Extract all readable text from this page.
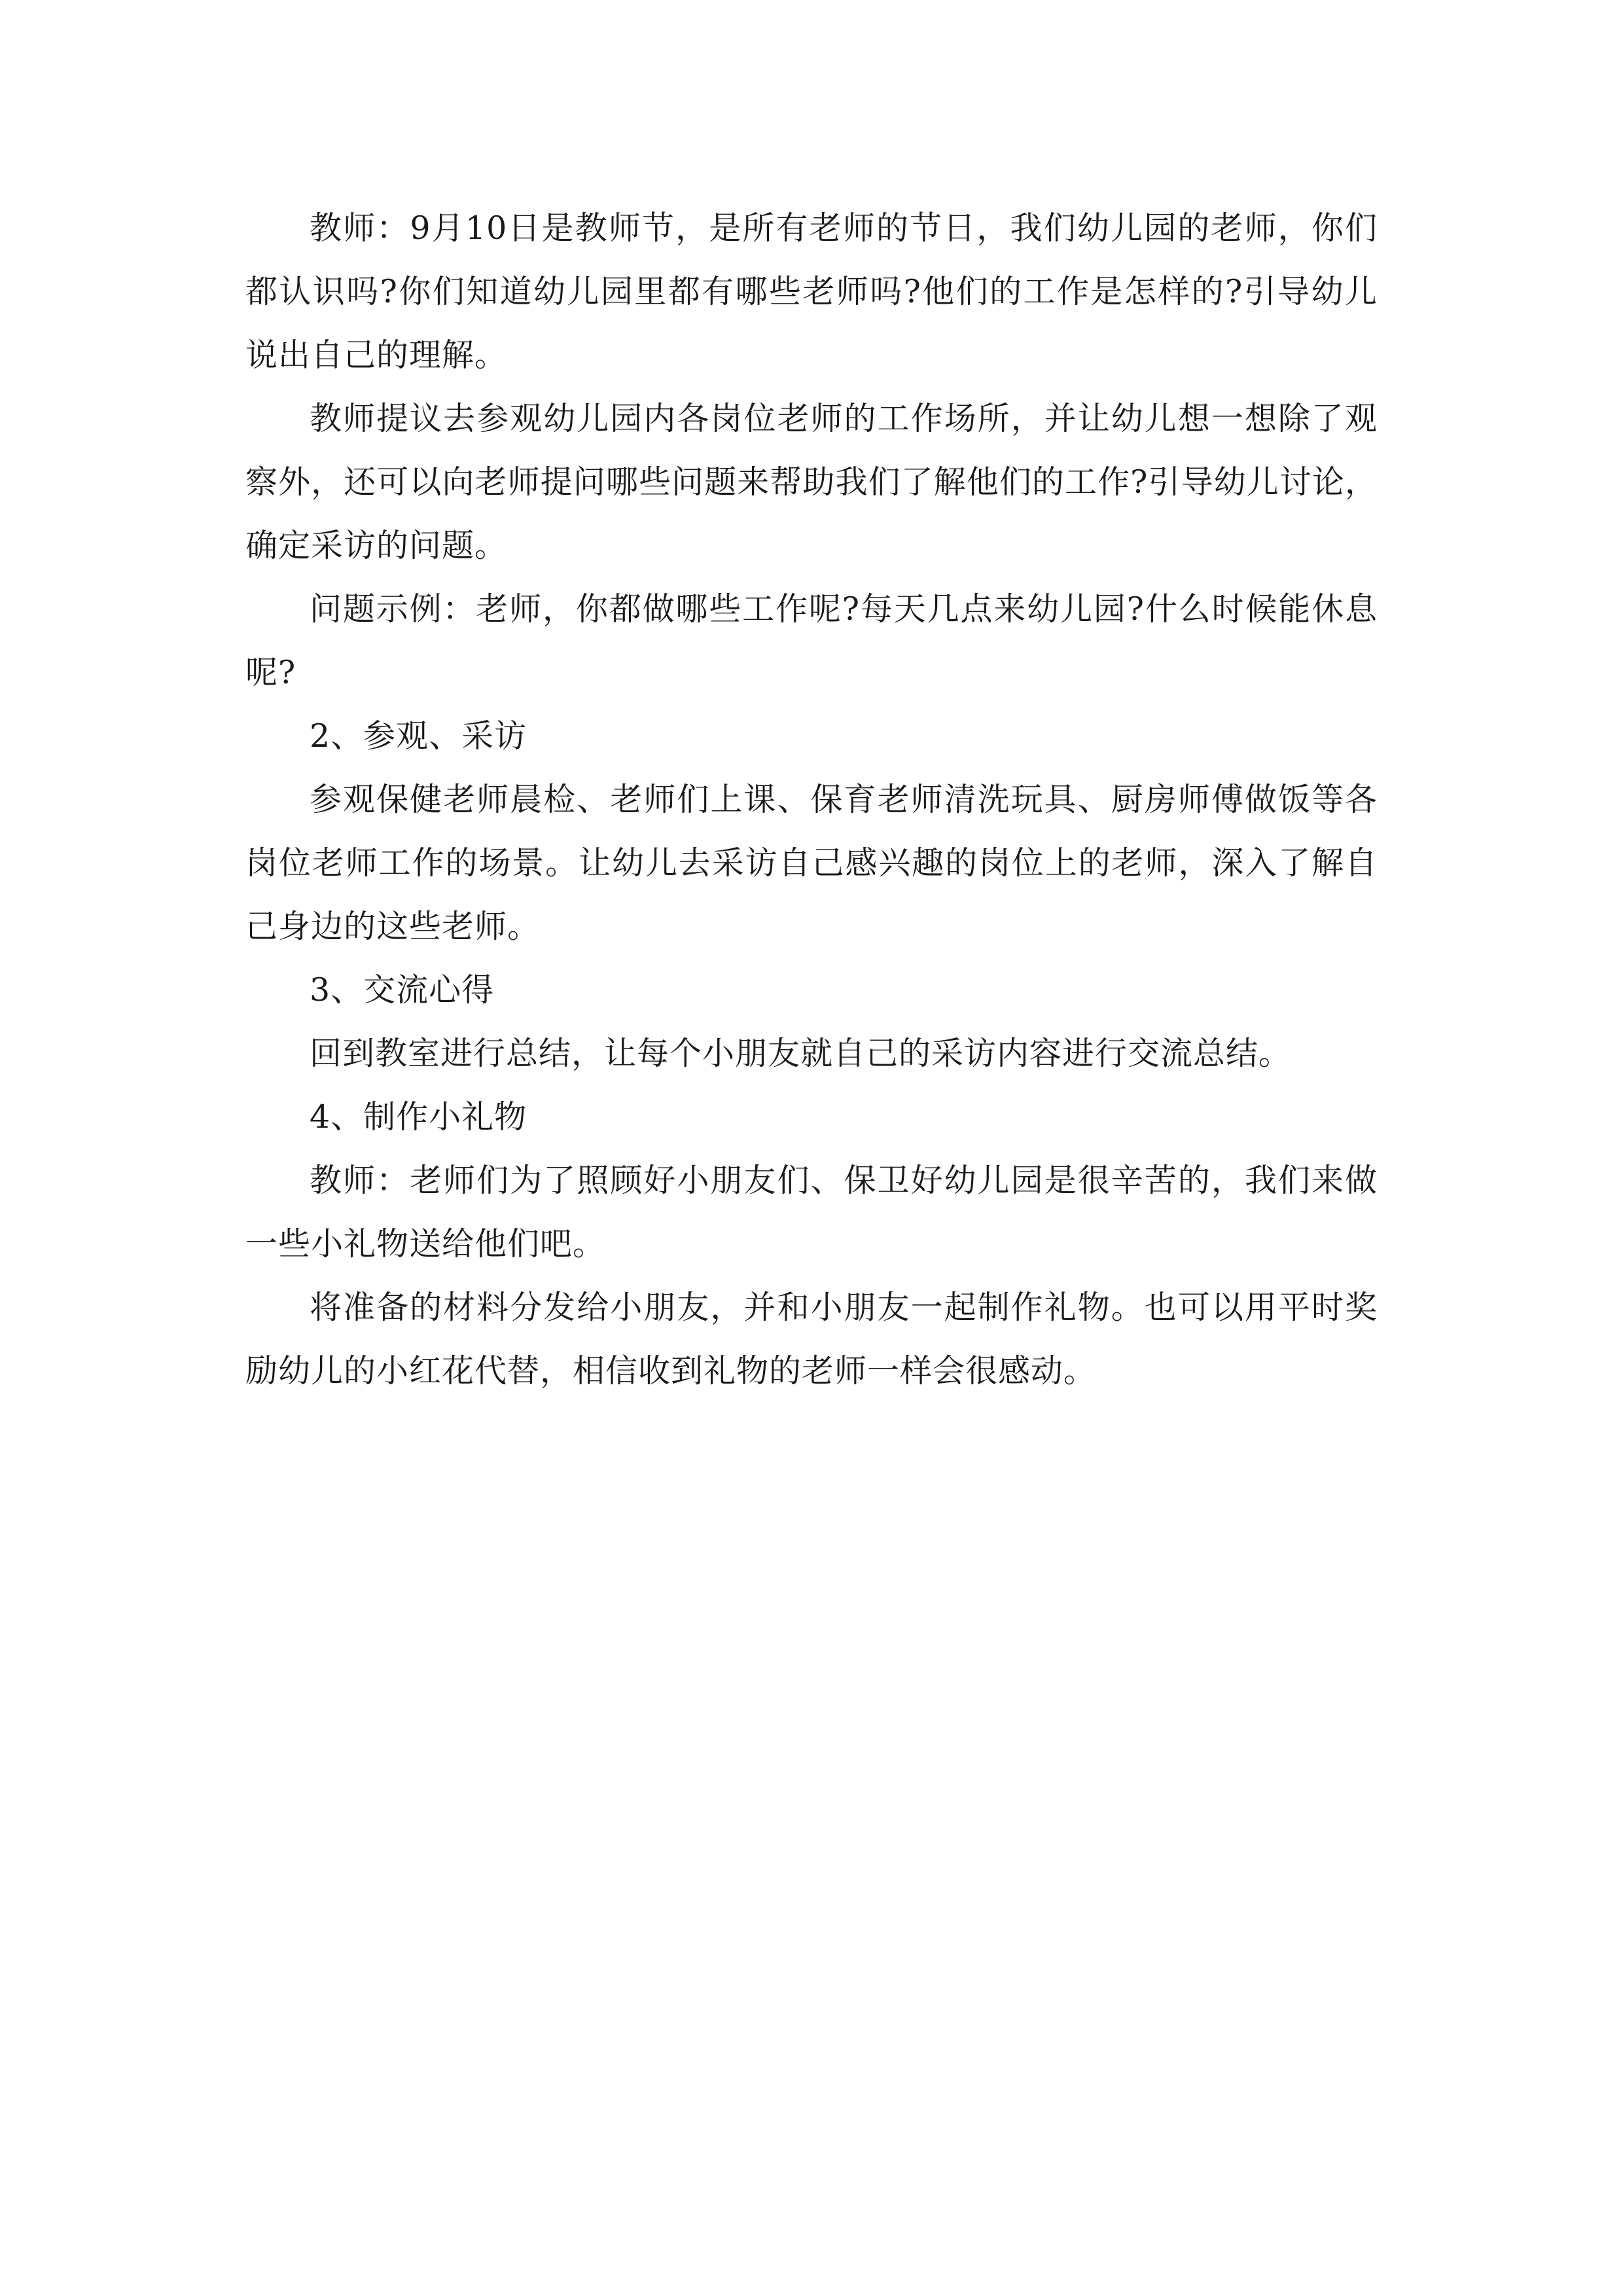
教师：9月10日是教师节，是所有老师的节日，我们幼儿园的老师，你们都认识吗?你们知道幼儿园里都有哪些老师吗?他们的工作是怎样的?引导幼儿说出自己的理解。

教师提议去参观幼儿园内各岗位老师的工作场所，并让幼儿想一想除了观察外，还可以向老师提问哪些问题来帮助我们了解他们的工作?引导幼儿讨论，确定采访的问题。

问题示例：老师，你都做哪些工作呢?每天几点来幼儿园?什么时候能休息呢?

2、参观、采访

参观保健老师晨检、老师们上课、保育老师清洗玩具、厨房师傅做饭等各岗位老师工作的场景。让幼儿去采访自己感兴趣的岗位上的老师，深入了解自己身边的这些老师。

3、交流心得

回到教室进行总结，让每个小朋友就自己的采访内容进行交流总结。

4、制作小礼物

教师：老师们为了照顾好小朋友们、保卫好幼儿园是很辛苦的，我们来做一些小礼物送给他们吧。

将准备的材料分发给小朋友，并和小朋友一起制作礼物。也可以用平时奖励幼儿的小红花代替，相信收到礼物的老师一样会很感动。
